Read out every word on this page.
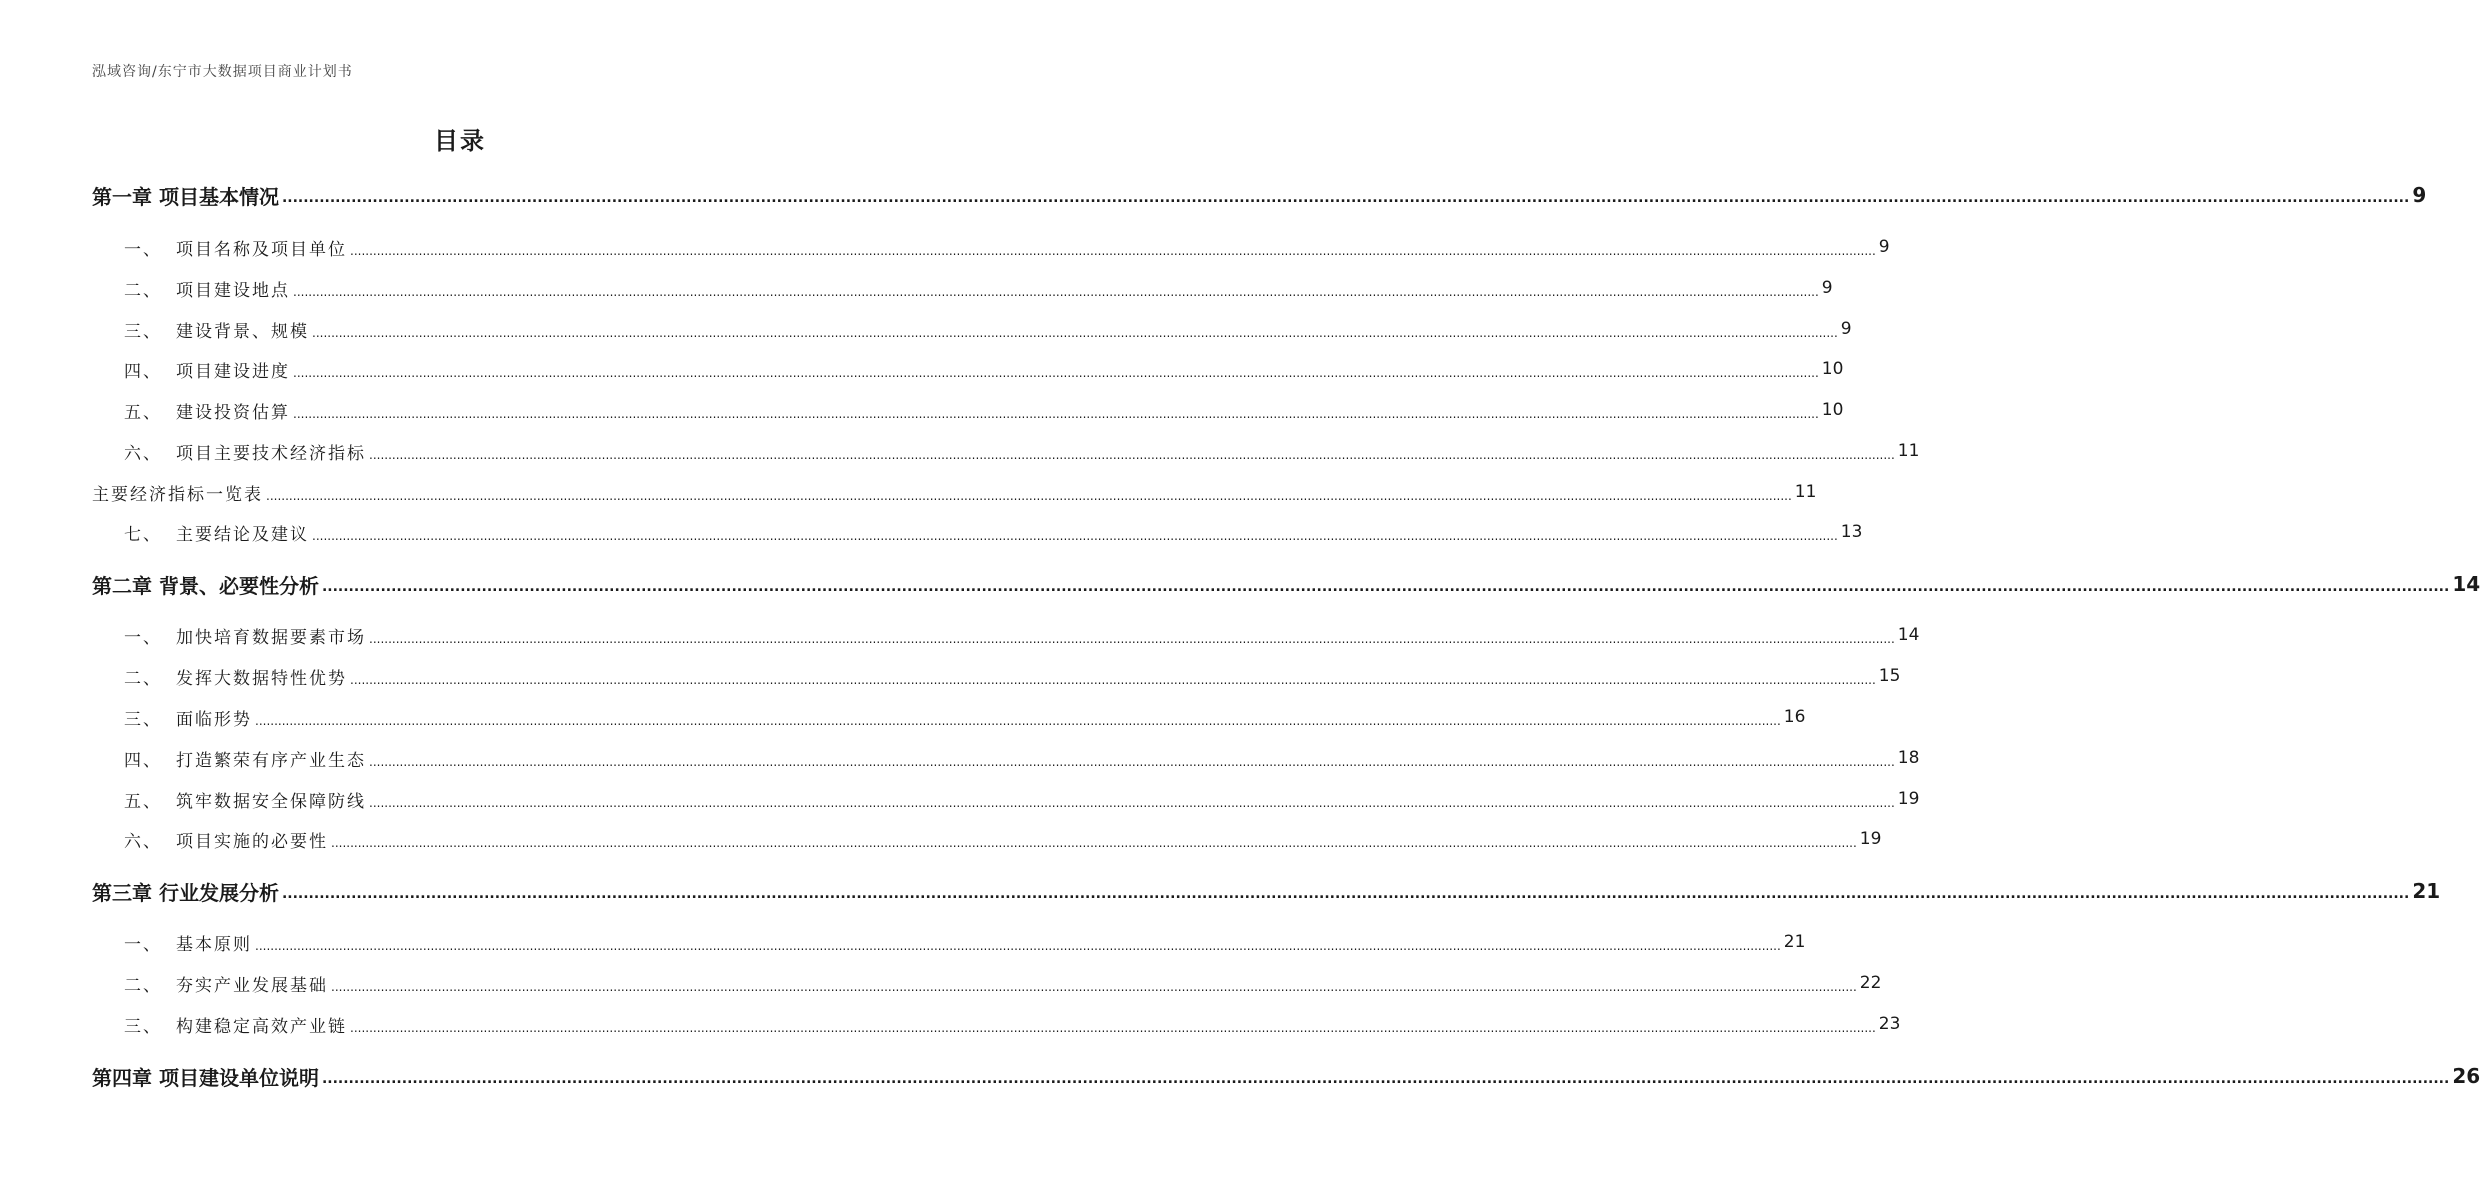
泓域咨询/东宁市大数据项目商业计划书
目录
第一章 项目基本情况 ................................................................................................................................................................................................................................................................................................................................................................................................................ 9
一、 项目名称及项目单位 ................................................................................................................................................................................................................................................................................................................................................................................................................ 9
二、 项目建设地点 ................................................................................................................................................................................................................................................................................................................................................................................................................ 9
三、 建设背景、规模 ................................................................................................................................................................................................................................................................................................................................................................................................................ 9
四、 项目建设进度 ................................................................................................................................................................................................................................................................................................................................................................................................................ 10
五、 建设投资估算 ................................................................................................................................................................................................................................................................................................................................................................................................................ 10
六、 项目主要技术经济指标 ................................................................................................................................................................................................................................................................................................................................................................................................................ 11
主要经济指标一览表 ................................................................................................................................................................................................................................................................................................................................................................................................................ 11
七、 主要结论及建议 ................................................................................................................................................................................................................................................................................................................................................................................................................ 13
第二章 背景、必要性分析 ................................................................................................................................................................................................................................................................................................................................................................................................................ 14
一、 加快培育数据要素市场 ................................................................................................................................................................................................................................................................................................................................................................................................................ 14
二、 发挥大数据特性优势 ................................................................................................................................................................................................................................................................................................................................................................................................................ 15
三、 面临形势 ................................................................................................................................................................................................................................................................................................................................................................................................................ 16
四、 打造繁荣有序产业生态 ................................................................................................................................................................................................................................................................................................................................................................................................................ 18
五、 筑牢数据安全保障防线 ................................................................................................................................................................................................................................................................................................................................................................................................................ 19
六、 项目实施的必要性 ................................................................................................................................................................................................................................................................................................................................................................................................................ 19
第三章 行业发展分析 ................................................................................................................................................................................................................................................................................................................................................................................................................ 21
一、 基本原则 ................................................................................................................................................................................................................................................................................................................................................................................................................ 21
二、 夯实产业发展基础 ................................................................................................................................................................................................................................................................................................................................................................................................................ 22
三、 构建稳定高效产业链 ................................................................................................................................................................................................................................................................................................................................................................................................................ 23
第四章 项目建设单位说明 ................................................................................................................................................................................................................................................................................................................................................................................................................ 26
